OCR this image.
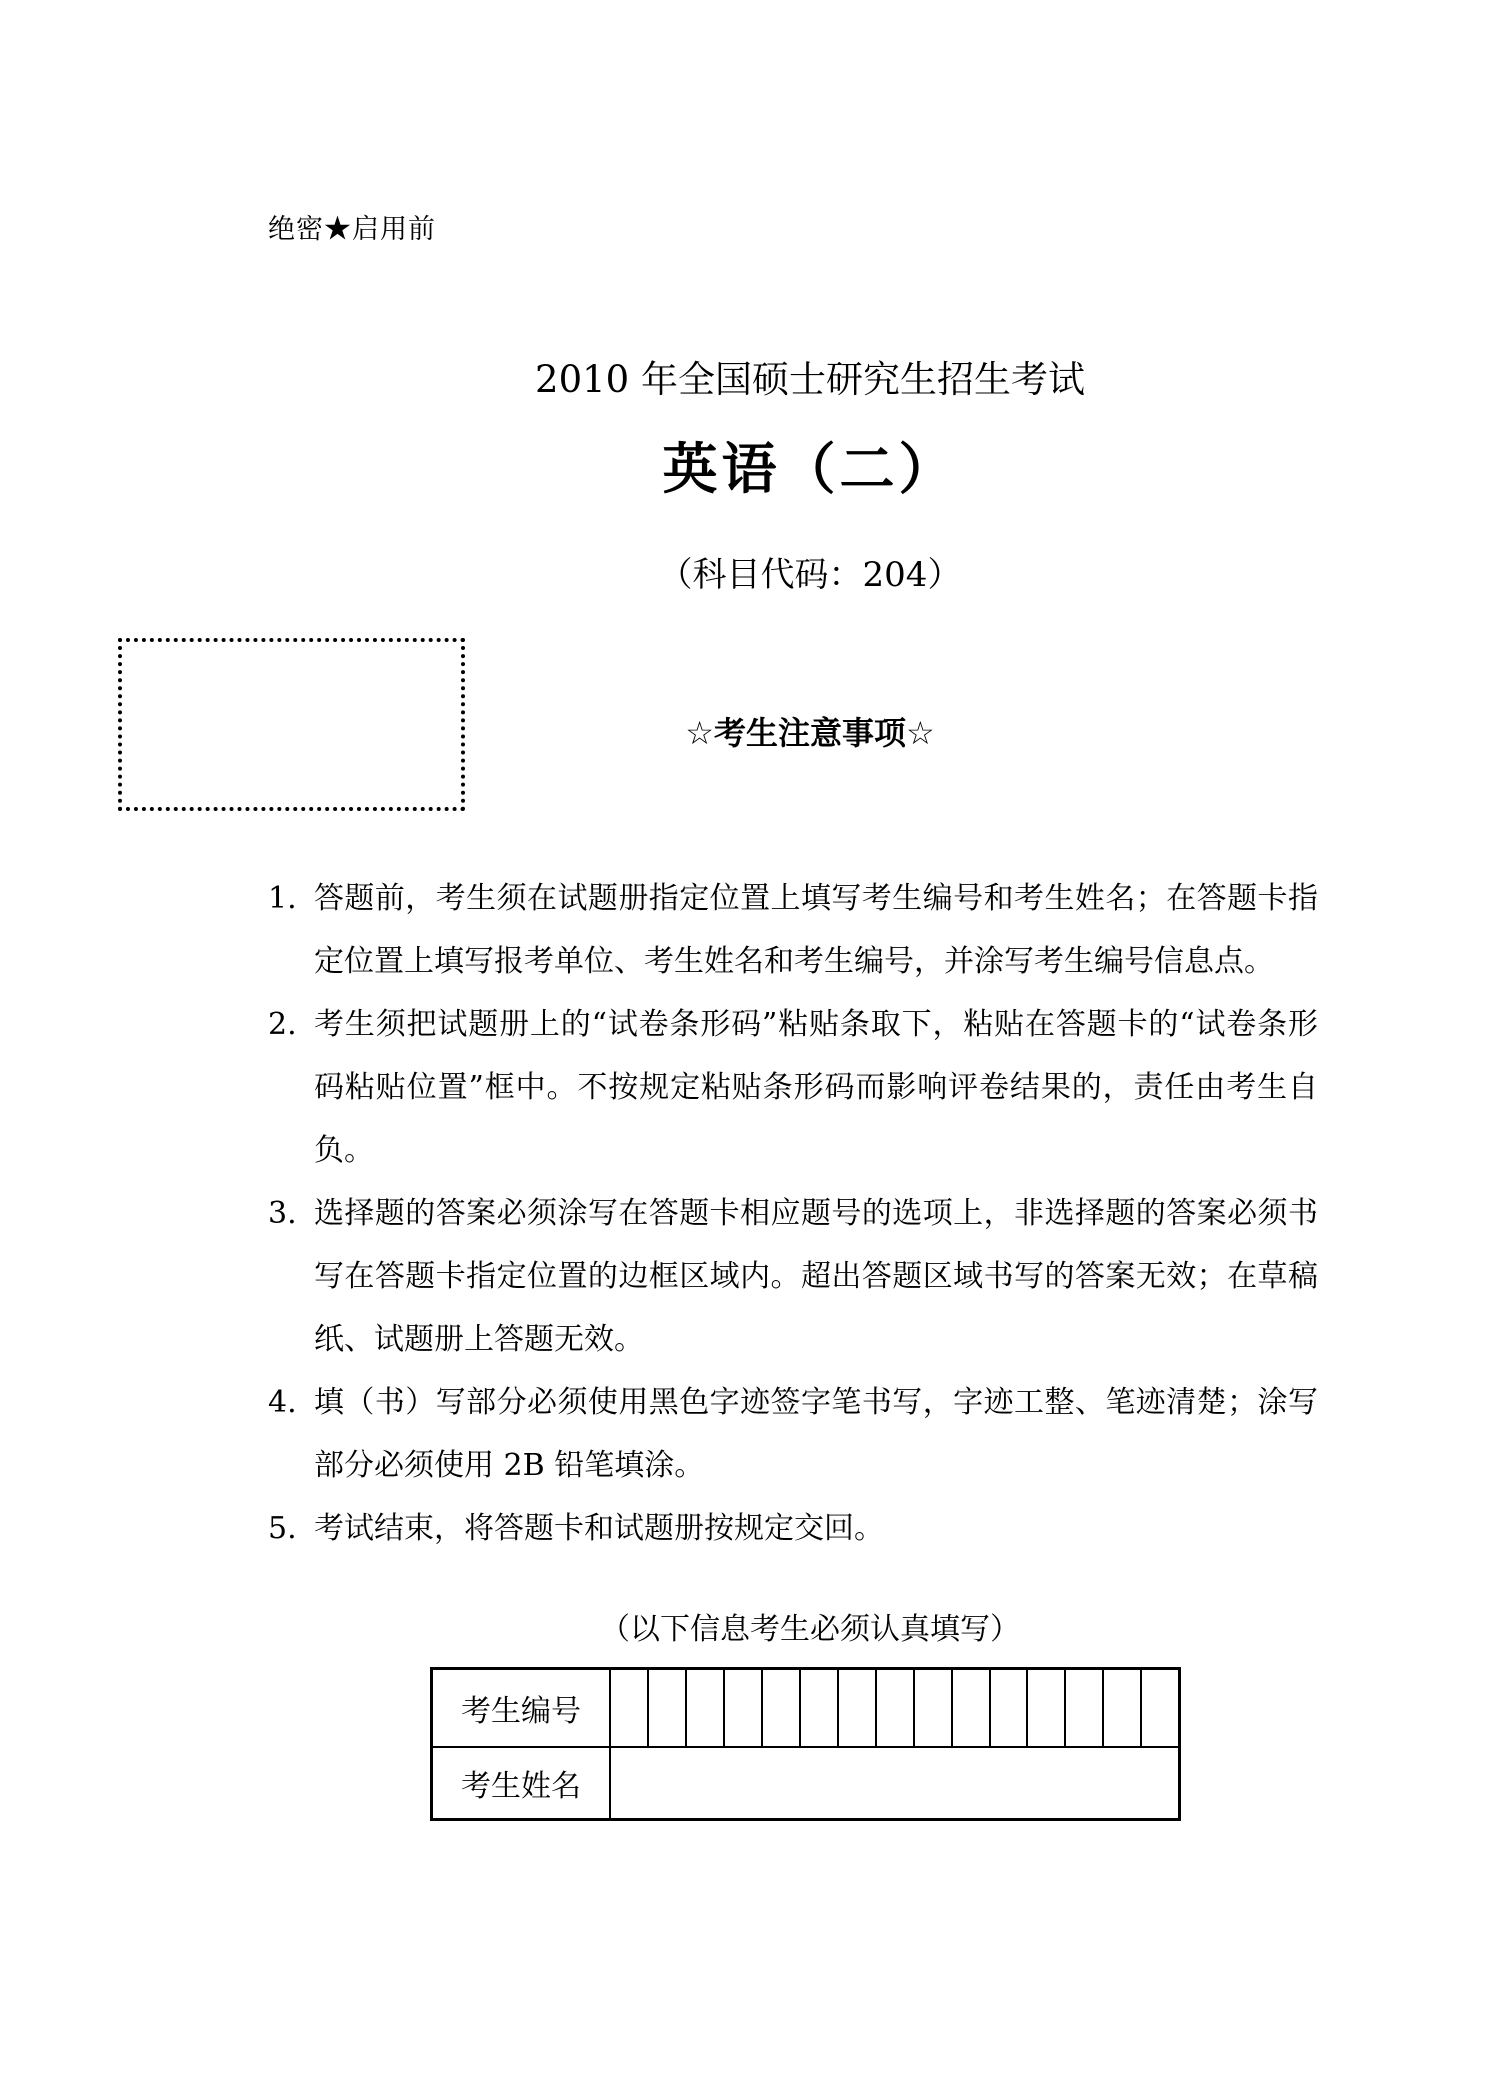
绝密★启用前
2010 年全国硕士研究生招生考试
英语（二）
（科目代码：204）
☆考生注意事项☆
1. 答题前，考生须在试题册指定位置上填写考生编号和考生姓名；在答题卡指定位置上填写报考单位、考生姓名和考生编号，并涂写考生编号信息点。
2. 考生须把试题册上的“试卷条形码”粘贴条取下，粘贴在答题卡的“试卷条形码粘贴位置”框中。不按规定粘贴条形码而影响评卷结果的，责任由考生自负。
3. 选择题的答案必须涂写在答题卡相应题号的选项上，非选择题的答案必须书写在答题卡指定位置的边框区域内。超出答题区域书写的答案无效；在草稿纸、试题册上答题无效。
4. 填（书）写部分必须使用黑色字迹签字笔书写，字迹工整、笔迹清楚；涂写部分必须使用 2B 铅笔填涂。
5. 考试结束，将答题卡和试题册按规定交回。
（以下信息考生必须认真填写）
考生编号															
考生姓名															
